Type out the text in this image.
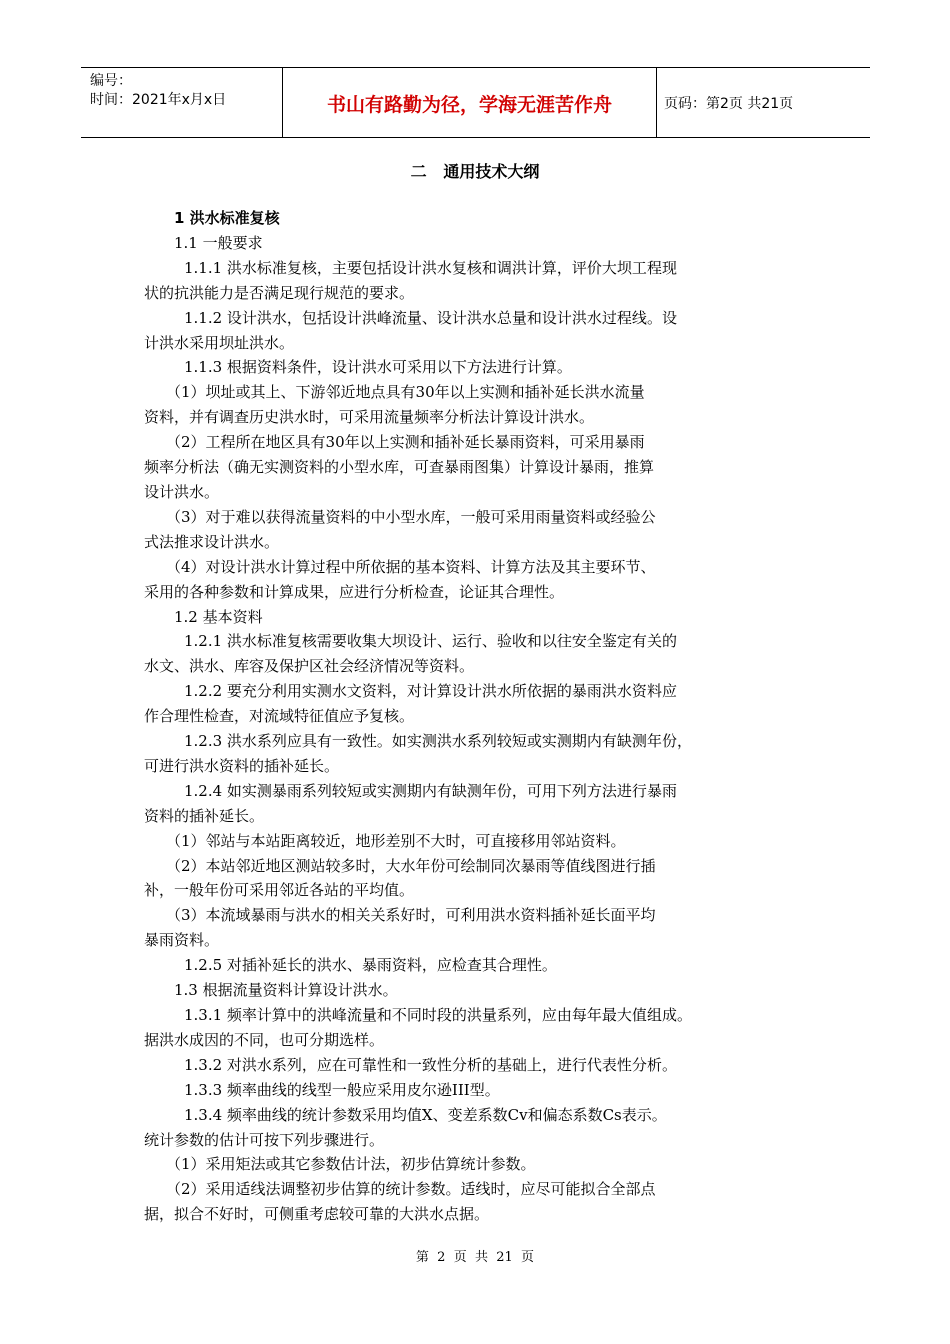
编号：
时间：2021年x月x日	书山有路勤为径，学海无涯苦作舟	页码：第2页 共21页
二   通用技术大纲

1 洪水标准复核

1.1 一般要求

1.1.1 洪水标准复核，主要包括设计洪水复核和调洪计算，评价大坝工程现

状的抗洪能力是否满足现行规范的要求。

1.1.2 设计洪水，包括设计洪峰流量、设计洪水总量和设计洪水过程线。设

计洪水采用坝址洪水。

1.1.3 根据资料条件，设计洪水可采用以下方法进行计算。

（1）坝址或其上、下游邻近地点具有30年以上实测和插补延长洪水流量

资料，并有调查历史洪水时，可采用流量频率分析法计算设计洪水。

（2）工程所在地区具有30年以上实测和插补延长暴雨资料，可采用暴雨

频率分析法（确无实测资料的小型水库，可查暴雨图集）计算设计暴雨，推算

设计洪水。

（3）对于难以获得流量资料的中小型水库，一般可采用雨量资料或经验公

式法推求设计洪水。

（4）对设计洪水计算过程中所依据的基本资料、计算方法及其主要环节、

采用的各种参数和计算成果，应进行分析检查，论证其合理性。

1.2 基本资料

1.2.1 洪水标准复核需要收集大坝设计、运行、验收和以往安全鉴定有关的

水文、洪水、库容及保护区社会经济情况等资料。

1.2.2 要充分利用实测水文资料，对计算设计洪水所依据的暴雨洪水资料应

作合理性检查，对流域特征值应予复核。

1.2.3 洪水系列应具有一致性。如实测洪水系列较短或实测期内有缺测年份，

可进行洪水资料的插补延长。

1.2.4 如实测暴雨系列较短或实测期内有缺测年份，可用下列方法进行暴雨

资料的插补延长。

（1）邻站与本站距离较近，地形差别不大时，可直接移用邻站资料。

（2）本站邻近地区测站较多时，大水年份可绘制同次暴雨等值线图进行插

补，一般年份可采用邻近各站的平均值。

（3）本流域暴雨与洪水的相关关系好时，可利用洪水资料插补延长面平均

暴雨资料。

1.2.5 对插补延长的洪水、暴雨资料，应检查其合理性。

1.3 根据流量资料计算设计洪水。

1.3.1 频率计算中的洪峰流量和不同时段的洪量系列，应由每年最大值组成。

据洪水成因的不同，也可分期选样。

1.3.2 对洪水系列，应在可靠性和一致性分析的基础上，进行代表性分析。

1.3.3 频率曲线的线型一般应采用皮尔逊III型。

1.3.4 频率曲线的统计参数采用均值X、变差系数Cv和偏态系数Cs表示。

统计参数的估计可按下列步骤进行。

（1）采用矩法或其它参数估计法，初步估算统计参数。

（2）采用适线法调整初步估算的统计参数。适线时，应尽可能拟合全部点

据，拟合不好时，可侧重考虑较可靠的大洪水点据。

第  2  页  共  21  页
